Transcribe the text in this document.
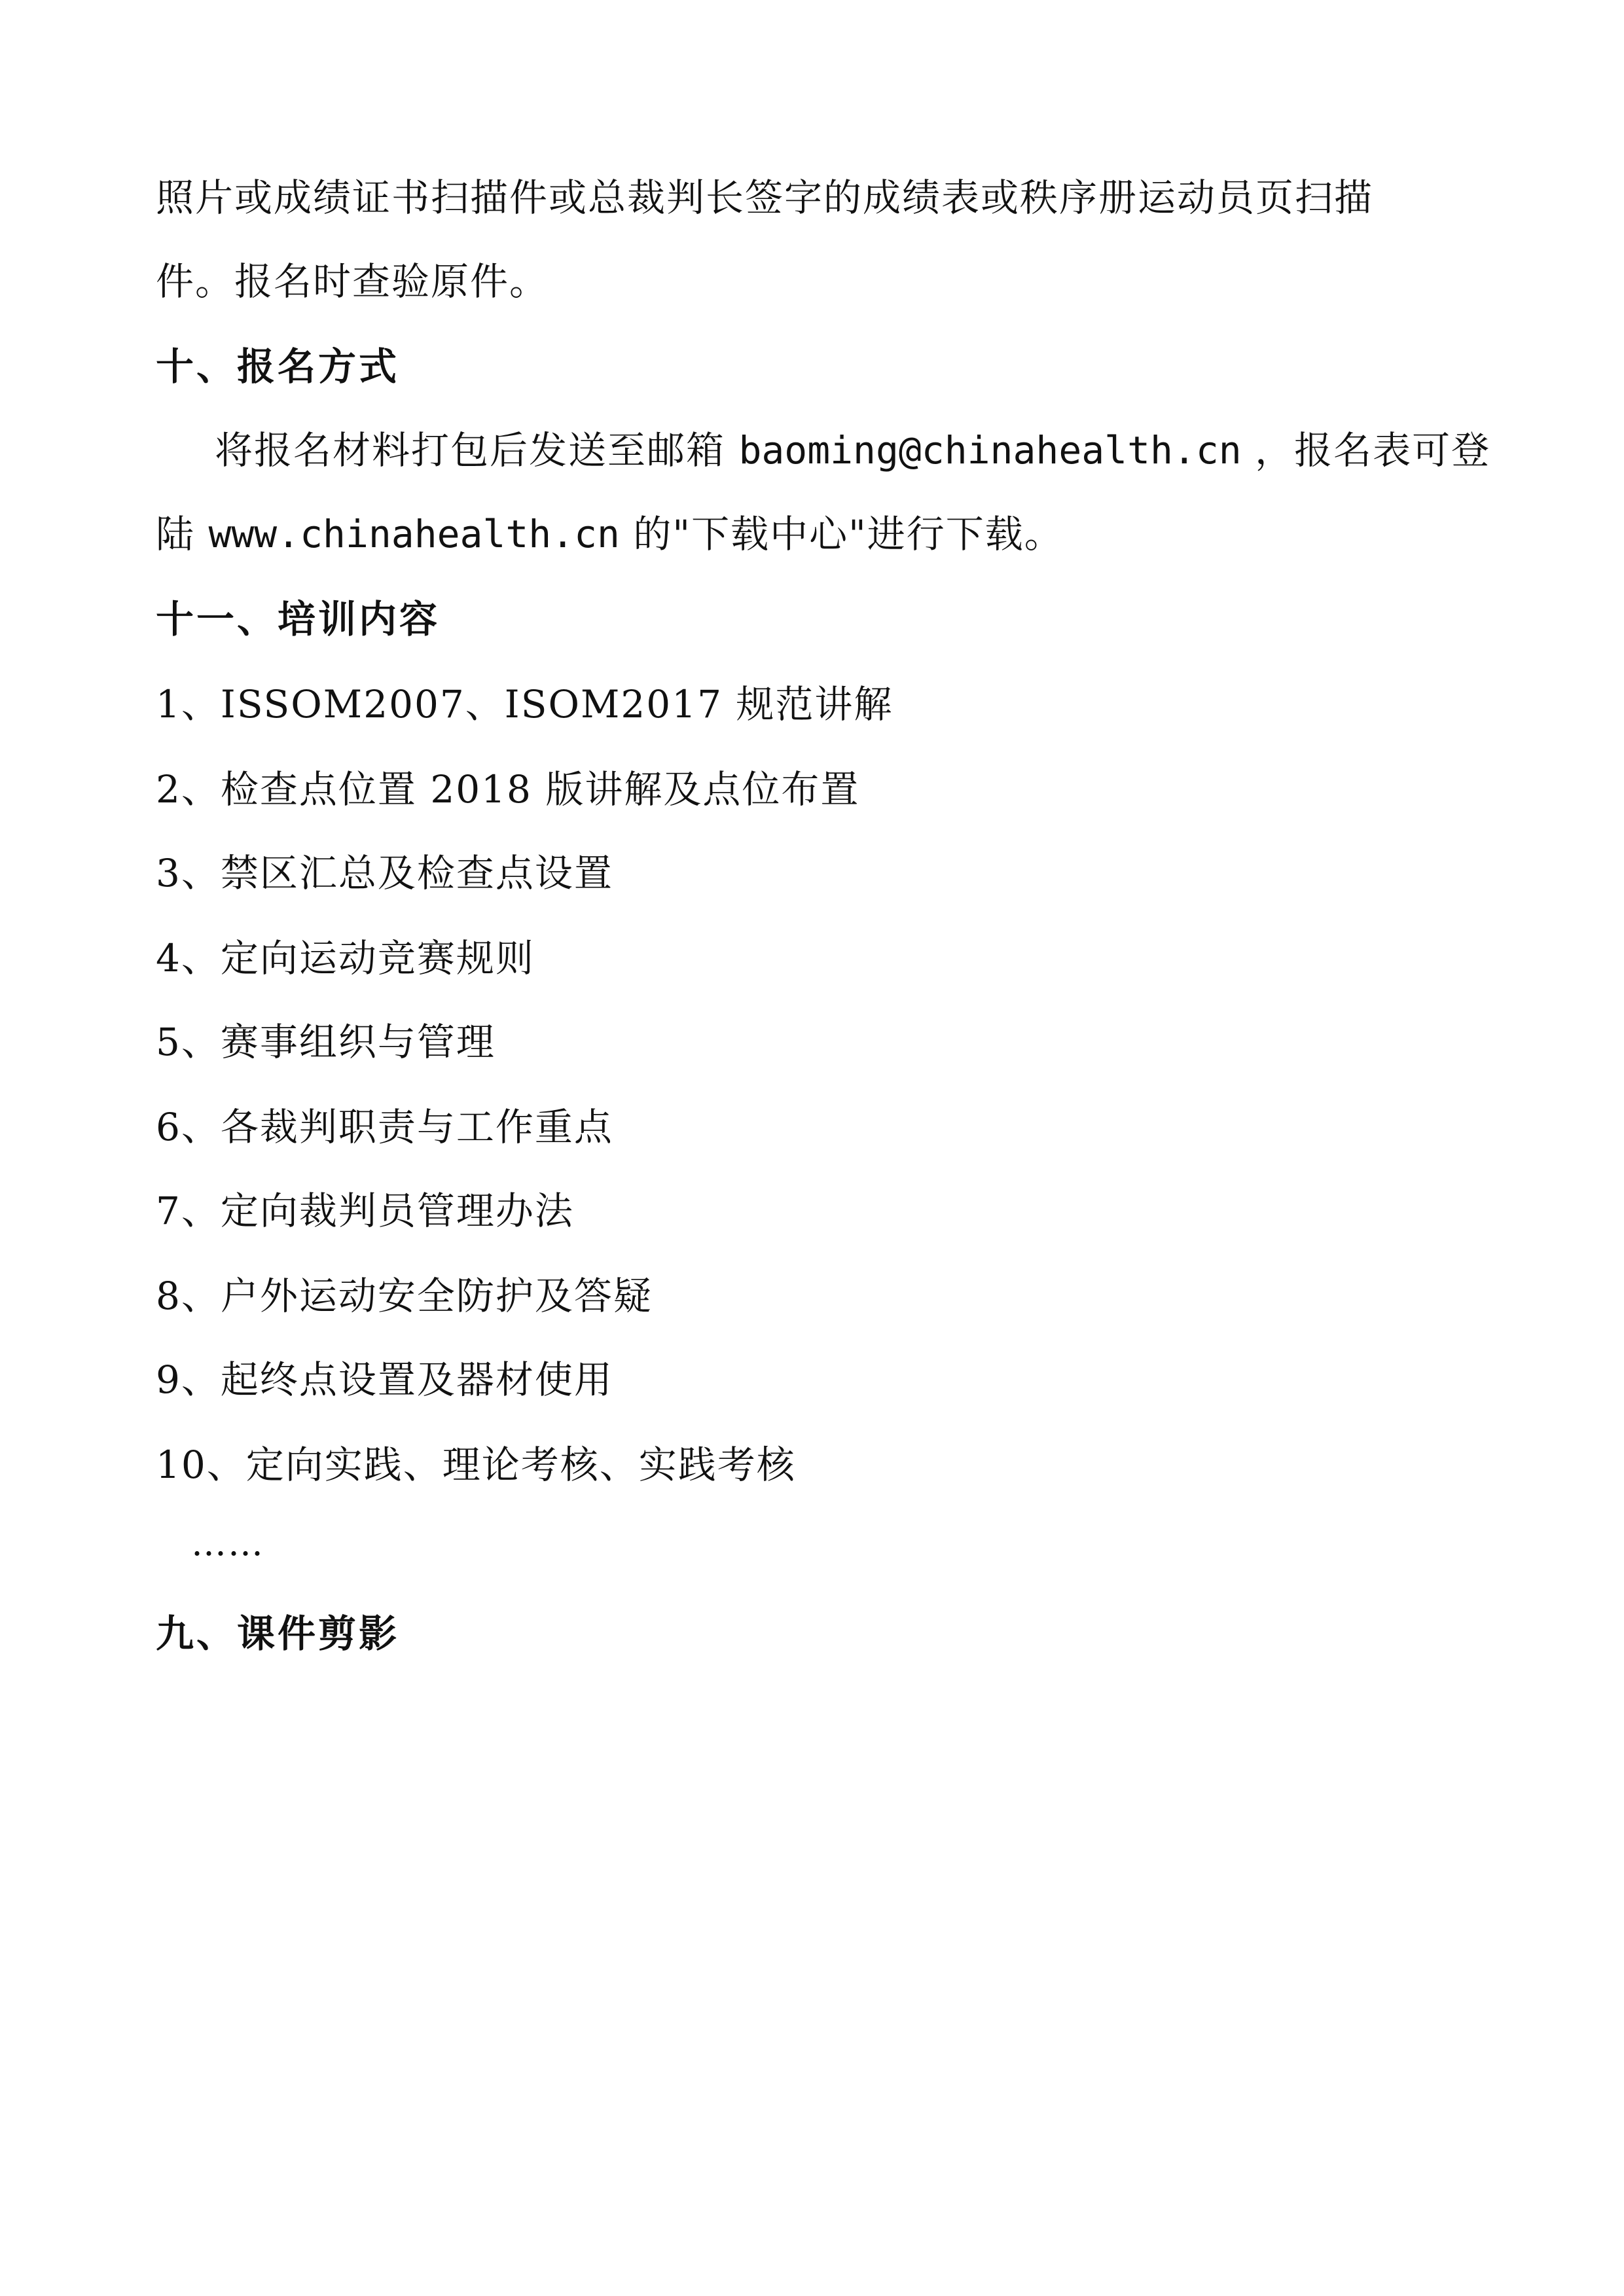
照片或成绩证书扫描件或总裁判长签字的成绩表或秩序册运动员页扫描
件。报名时查验原件。
十、报名方式
将报名材料打包后发送至邮箱 baoming@chinahealth.cn ，报名表可登
陆 www.chinahealth.cn 的"下载中心"进行下载。
十一、培训内容
1、ISSOM2007、ISOM2017 规范讲解
2、检查点位置 2018 版讲解及点位布置
3、禁区汇总及检查点设置
4、定向运动竞赛规则
5、赛事组织与管理
6、各裁判职责与工作重点
7、定向裁判员管理办法
8、户外运动安全防护及答疑
9、起终点设置及器材使用
10、定向实践、理论考核、实践考核
……
九、课件剪影
